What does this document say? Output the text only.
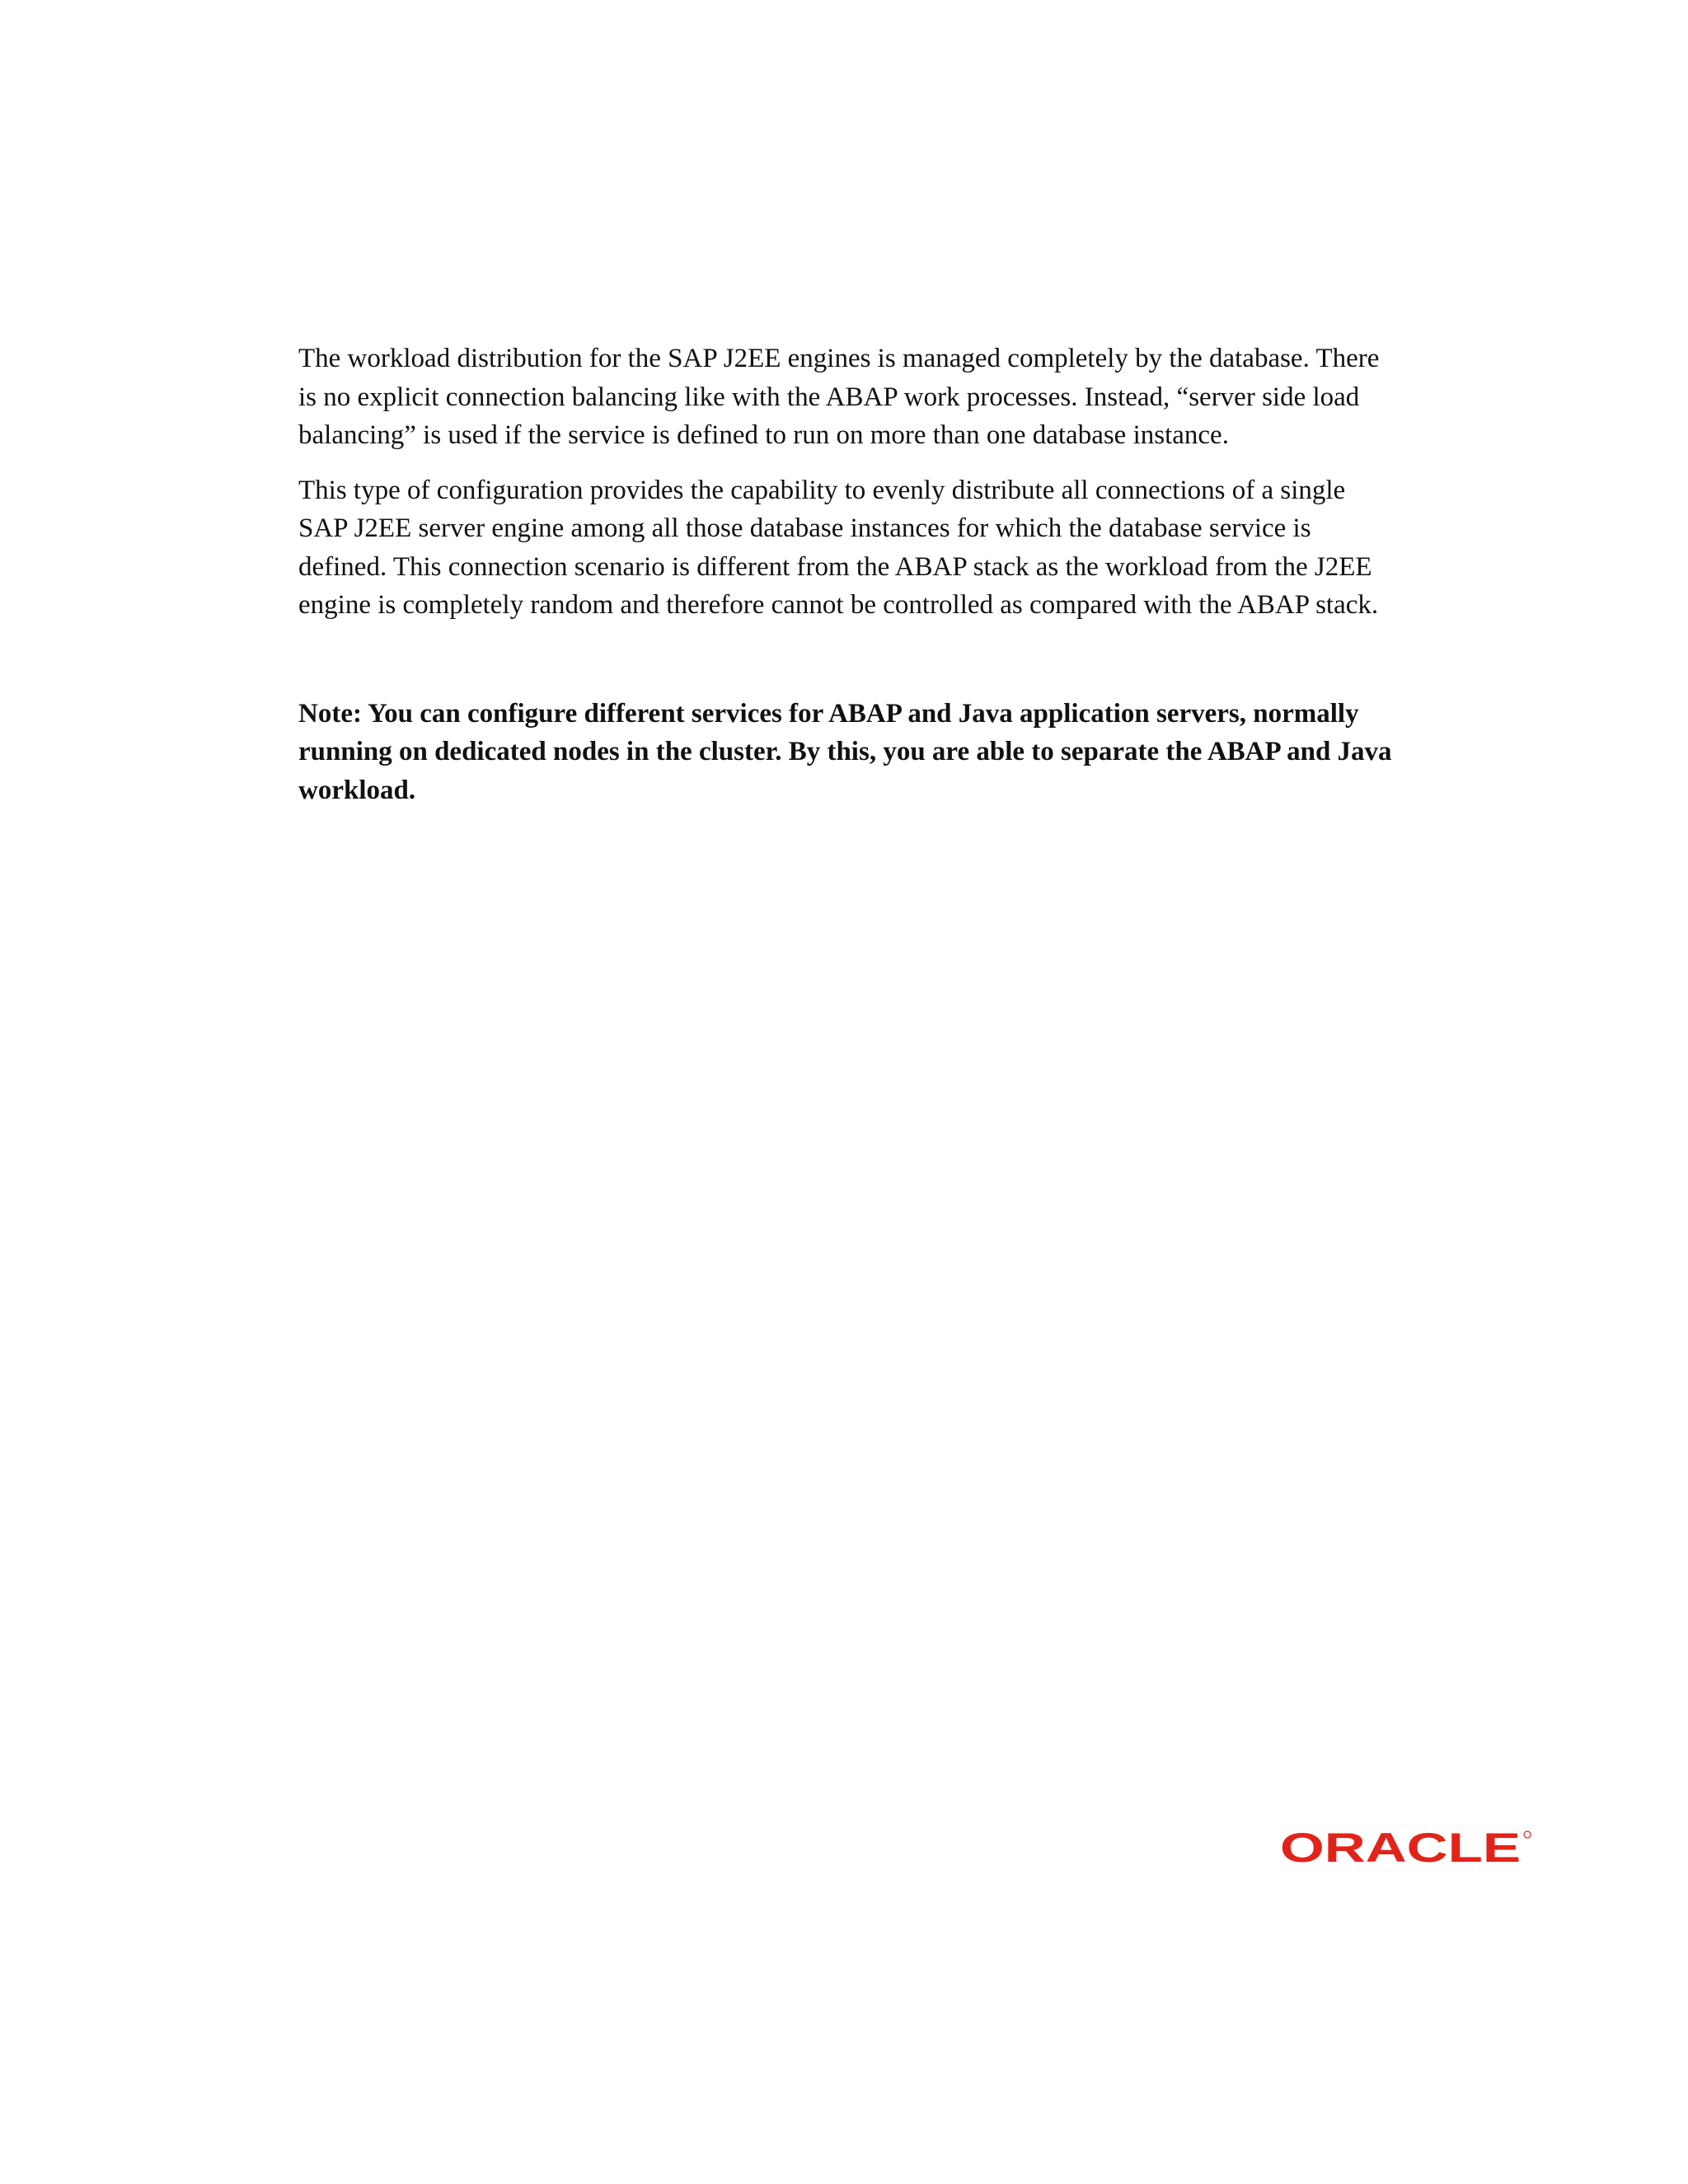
The workload distribution for the SAP J2EE engines is managed completely by the database. There is no explicit connection balancing like with the ABAP work processes. Instead, “server side load balancing” is used if the service is defined to run on more than one database instance.

This type of configuration provides the capability to evenly distribute all connections of a single SAP J2EE server engine among all those database instances for which the database service is defined. This connection scenario is different from the ABAP stack as the workload from the J2EE engine is completely random and therefore cannot be controlled as compared with the ABAP stack.

Note: You can configure different services for ABAP and Java application servers, normally running on dedicated nodes in the cluster. By this, you are able to separate the ABAP and Java workload.

ORACLE
